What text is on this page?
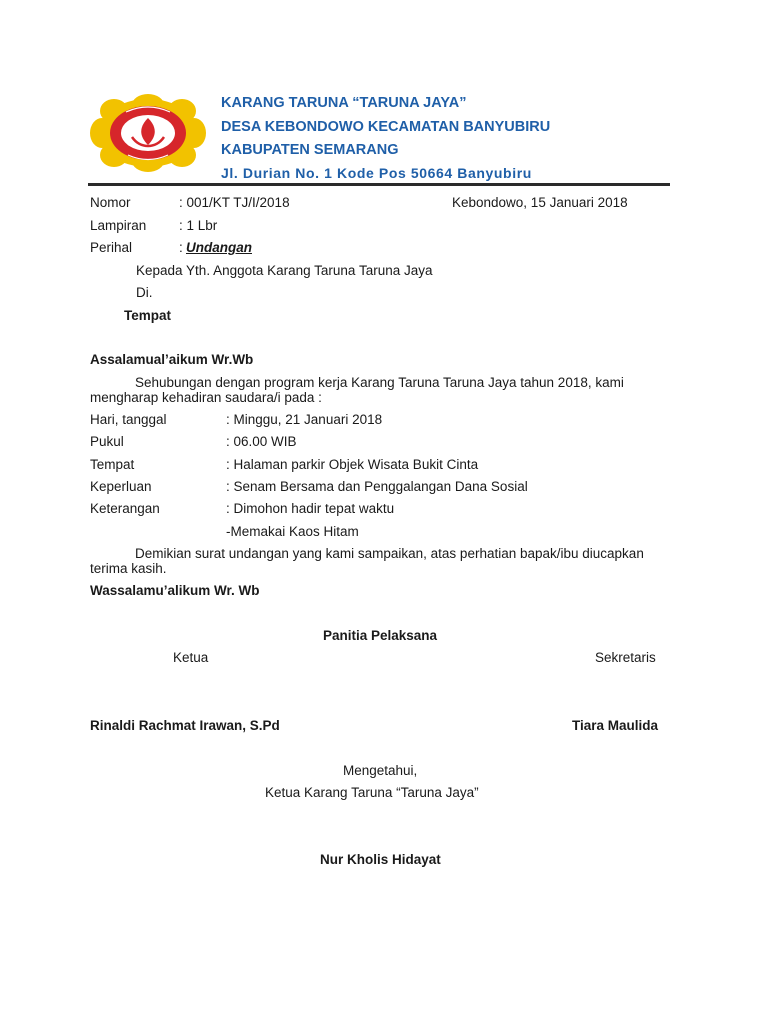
KARANG TARUNA “TARUNA JAYA”
DESA KEBONDOWO KECAMATAN BANYUBIRU
KABUPATEN SEMARANG
Jl. Durian No. 1 Kode Pos 50664 Banyubiru
Nomor	: 001/KT TJ/I/2018	Kebondowo, 15 Januari 2018
Lampiran : 1 Lbr
Perihal	: Undangan
Kepada Yth. Anggota Karang Taruna Taruna Jaya
Di.
Tempat
Assalamual’aikum Wr.Wb
Sehubungan dengan program kerja Karang Taruna Taruna Jaya tahun 2018, kami mengharap kehadiran saudara/i pada :
Hari, tanggal	: Minggu, 21 Januari 2018
Pukul	: 06.00 WIB
Tempat	: Halaman parkir Objek Wisata Bukit Cinta
Keperluan	: Senam Bersama dan Penggalangan Dana Sosial
Keterangan	: Dimohon hadir tepat waktu
-Memakai Kaos Hitam
Demikian surat undangan yang kami sampaikan, atas perhatian bapak/ibu diucapkan terima kasih.
Wassalamu’alikum Wr. Wb
Panitia Pelaksana
Ketua	Sekretaris
Rinaldi Rachmat Irawan, S.Pd	Tiara Maulida
Mengetahui,
Ketua Karang Taruna “Taruna Jaya”
Nur Kholis Hidayat
